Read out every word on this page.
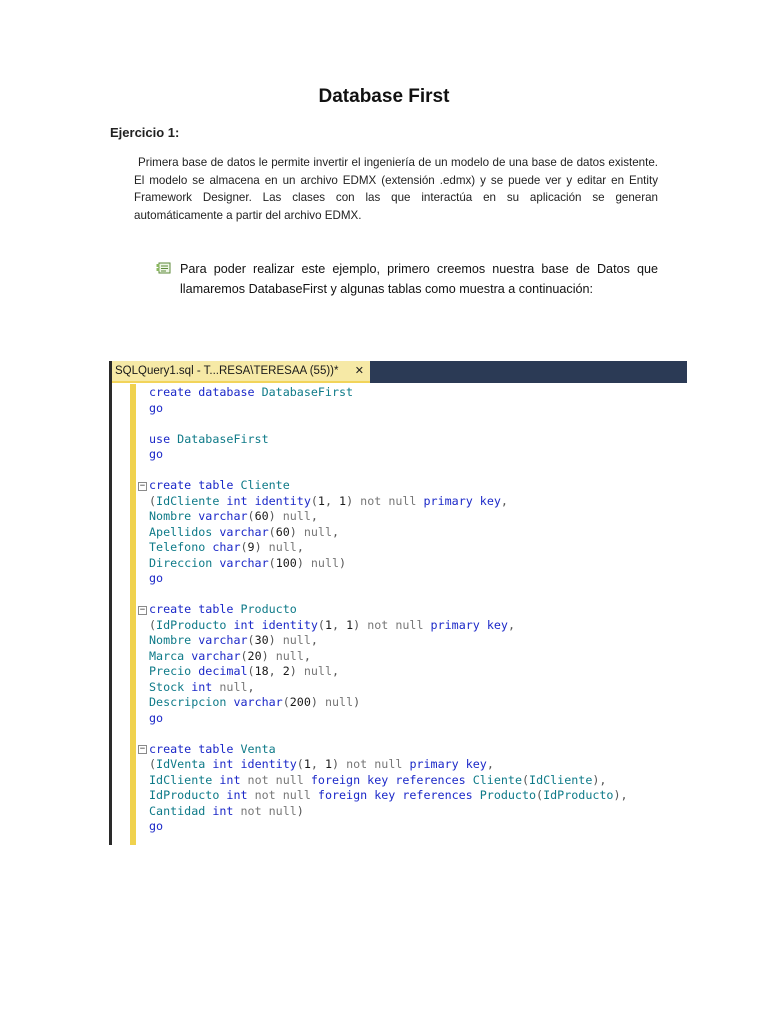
Database First
Ejercicio 1:
Primera base de datos le permite invertir el ingeniería de un modelo de una base de datos existente. El modelo se almacena en un archivo EDMX (extensión .edmx) y se puede ver y editar en Entity Framework Designer. Las clases con las que interactúa en su aplicación se generan automáticamente a partir del archivo EDMX.
Para poder realizar este ejemplo, primero creemos nuestra base de Datos que llamaremos DatabaseFirst y algunas tablas como muestra a continuación:
SQLQuery1.sql - T...RESA\TERESAA (55))* ✕
−
−
−
create database DatabaseFirst
go

use DatabaseFirst
go

create table Cliente
(IdCliente int identity(1, 1) not null primary key,
Nombre varchar(60) null,
Apellidos varchar(60) null,
Telefono char(9) null,
Direccion varchar(100) null)
go

create table Producto
(IdProducto int identity(1, 1) not null primary key,
Nombre varchar(30) null,
Marca varchar(20) null,
Precio decimal(18, 2) null,
Stock int null,
Descripcion varchar(200) null)
go

create table Venta
(IdVenta int identity(1, 1) not null primary key,
IdCliente int not null foreign key references Cliente(IdCliente),
IdProducto int not null foreign key references Producto(IdProducto),
Cantidad int not null)
go
